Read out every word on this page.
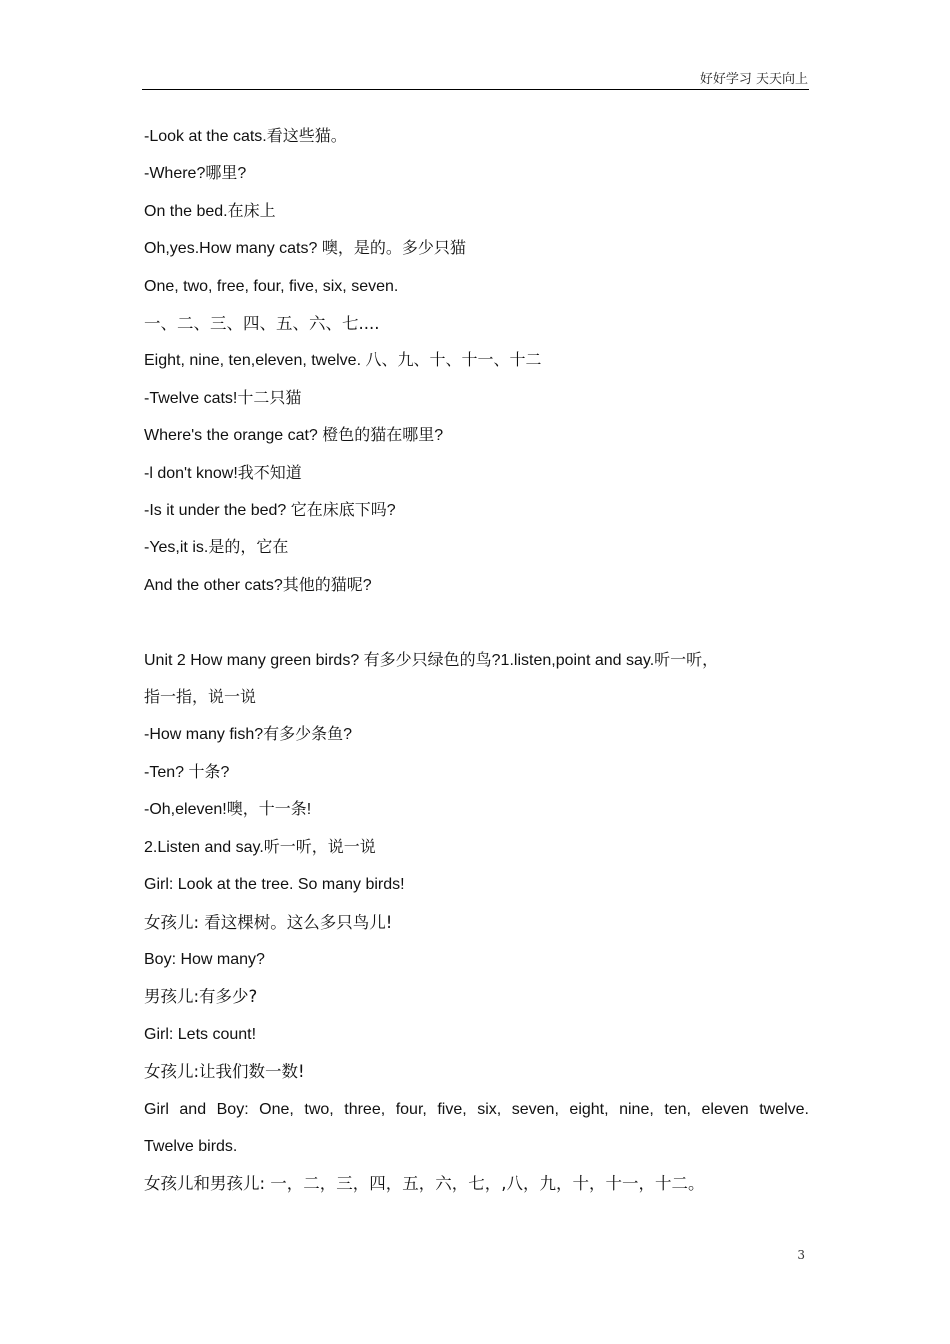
好好学习 天天向上
-Look at the cats.看这些猫。
-Where?哪里?
On the bed.在床上
Oh,yes.How many cats? 噢，是的。多少只猫
One, two, free, four, five, six, seven.
一、二、三、四、五、六、七....
Eight, nine, ten,eleven, twelve. 八、九、十、十一、十二
-Twelve cats!十二只猫
Where's the orange cat? 橙色的猫在哪里?
-l don't know!我不知道
-Is it under the bed? 它在床底下吗?
-Yes,it is.是的，它在
And the other cats?其他的猫呢?
Unit 2 How many green birds? 有多少只绿色的鸟?1.listen,point and say.听一听，
指一指，说一说
-How many fish?有多少条鱼?
-Ten? 十条?
-Oh,eleven!噢，十一条!
2.Listen and say.听一听，说一说
Girl: Look at the tree. So many birds!
女孩儿: 看这棵树。这么多只鸟儿!
Boy: How many?
男孩儿:有多少?
Girl: Lets count!
女孩儿:让我们数一数!
Girl and Boy: One, two, three, four, five, six, seven, eight, nine, ten, eleven twelve.
Twelve birds.
女孩儿和男孩儿: 一，二，三，四，五，六，七，,八，九，十，十一，十二。
3
